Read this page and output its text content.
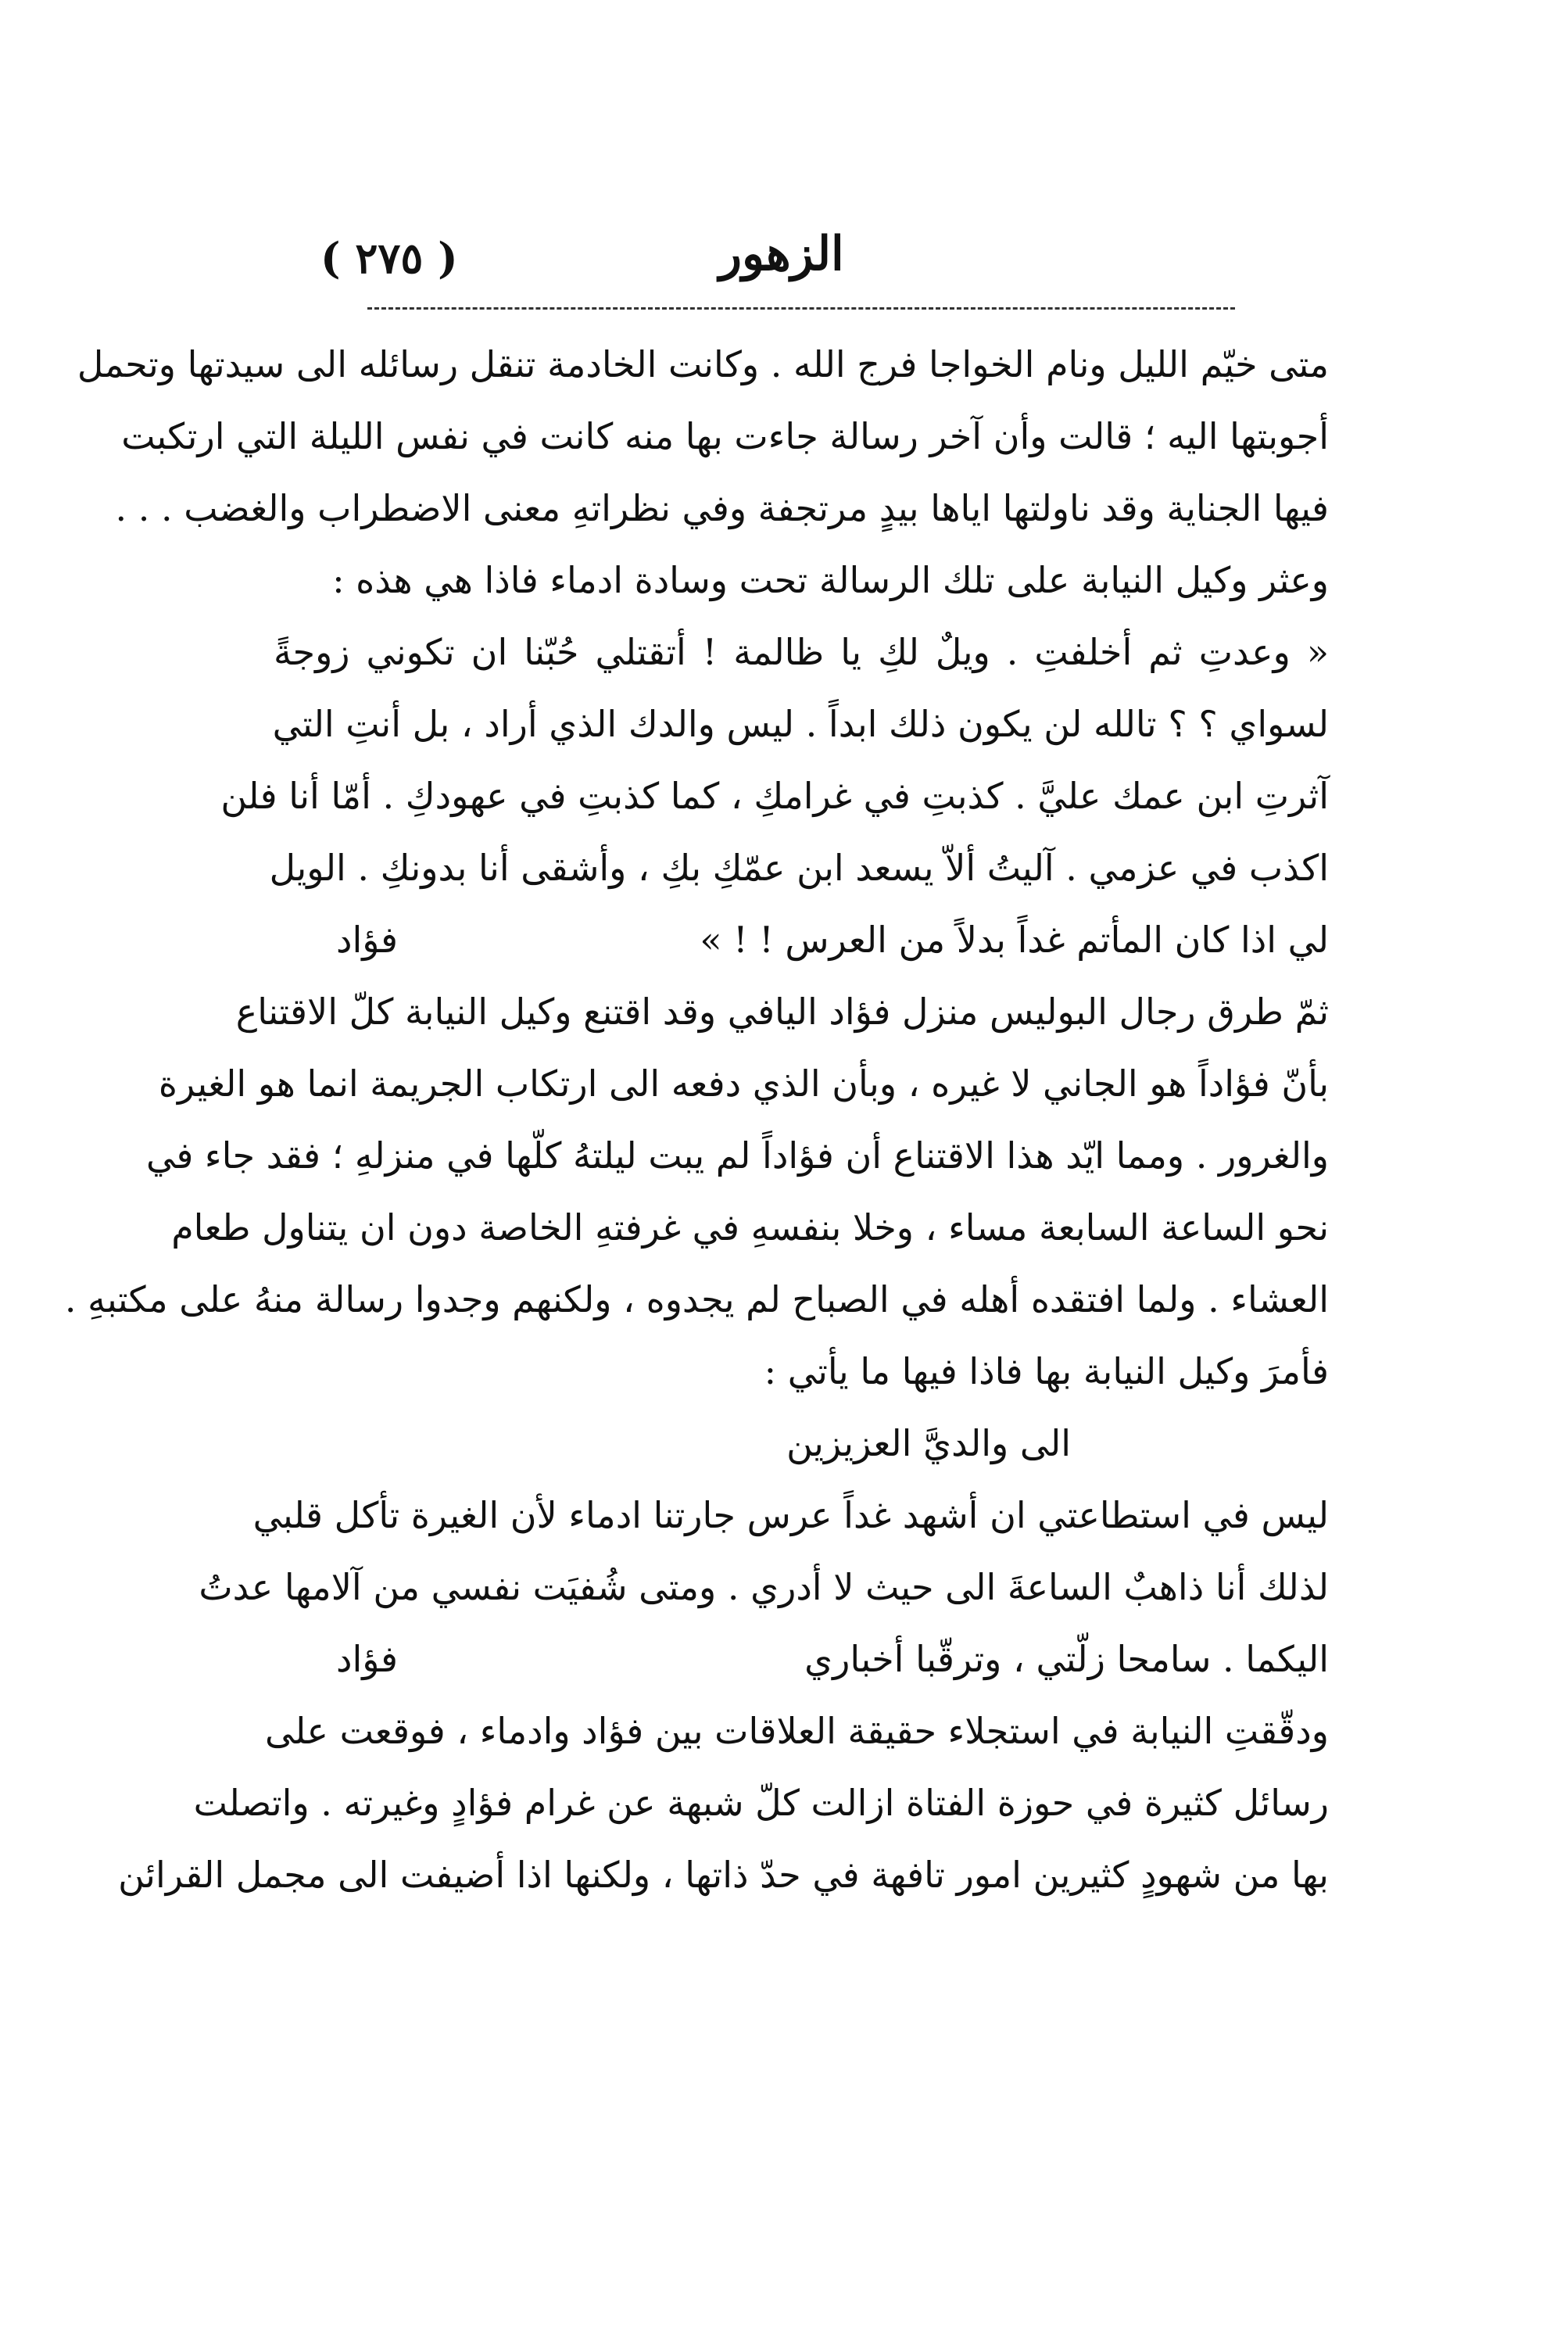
( ٢٧٥ )	الزهور
متى خيّم الليل ونام الخواجا فرج الله . وكانت الخادمة تنقل رسائله الى سيدتها وتحمل
أجوبتها اليه ؛ قالت وأن آخر رسالة جاءت بها منه كانت في نفس الليلة التي ارتكبت
فيها الجناية وقد ناولتها اياها بيدٍ مرتجفة وفي نظراتهِ معنى الاضطراب والغضب . . .
وعثر وكيل النيابة على تلك الرسالة تحت وسادة ادماء فاذا هي هذه :
« وعدتِ ثم أخلفتِ . ويلٌ لكِ يا ظالمة ! أتقتلي حُبّنا ان تكوني زوجةً
لسواي ؟ ؟ تالله لن يكون ذلك ابداً . ليس والدك الذي أراد ، بل أنتِ التي
آثرتِ ابن عمك عليَّ . كذبتِ في غرامكِ ، كما كذبتِ في عهودكِ . أمّا أنا فلن
اكذب في عزمي . آليتُ ألاّ يسعد ابن عمّكِ بكِ ، وأشقى أنا بدونكِ . الويل
لي اذا كان المأتم غداً بدلاً من العرس ! ! »
فؤاد
ثمّ طرق رجال البوليس منزل فؤاد اليافي وقد اقتنع وكيل النيابة كلّ الاقتناع
بأنّ فؤاداً هو الجاني لا غيره ، وبأن الذي دفعه الى ارتكاب الجريمة انما هو الغيرة
والغرور . ومما ايّد هذا الاقتناع أن فؤاداً لم يبت ليلتهُ كلّها في منزلهِ ؛ فقد جاء في
نحو الساعة السابعة مساء ، وخلا بنفسهِ في غرفتهِ الخاصة دون ان يتناول طعام
العشاء . ولما افتقده أهله في الصباح لم يجدوه ، ولكنهم وجدوا رسالة منهُ على مكتبهِ .
فأمرَ وكيل النيابة بها فاذا فيها ما يأتي :
الى والديَّ العزيزين
ليس في استطاعتي ان أشهد غداً عرس جارتنا ادماء لأن الغيرة تأكل قلبي
لذلك أنا ذاهبٌ الساعةَ الى حيث لا أدري . ومتى شُفيَت نفسي من آلامها عدتُ
اليكما . سامحا زلّتي ، وترقّبا أخباري
فؤاد
ودقّقتِ النيابة في استجلاء حقيقة العلاقات بين فؤاد وادماء ، فوقعت على
رسائل كثيرة في حوزة الفتاة ازالت كلّ شبهة عن غرام فؤادٍ وغيرته . واتصلت
بها من شهودٍ كثيرين امور تافهة في حدّ ذاتها ، ولكنها اذا أضيفت الى مجمل القرائن
